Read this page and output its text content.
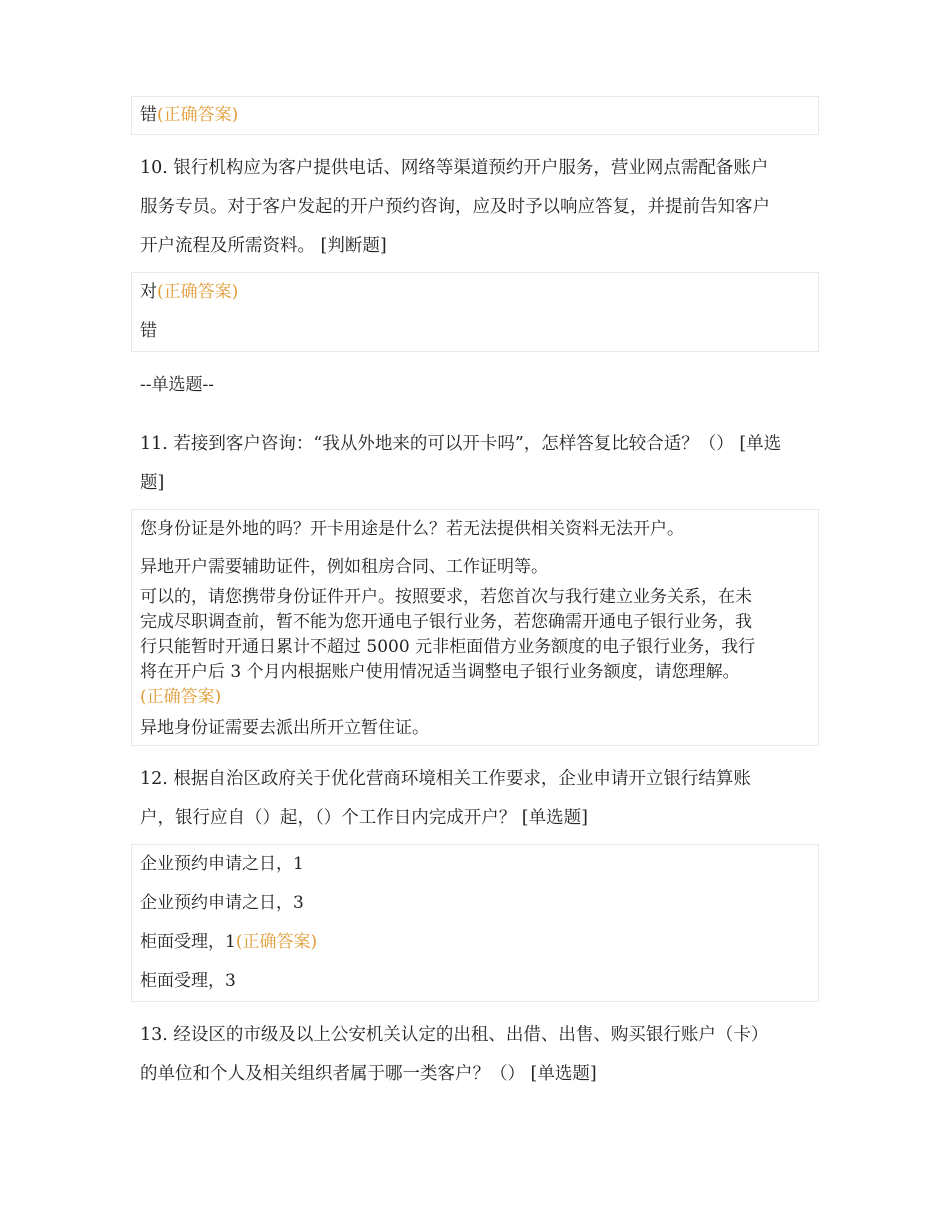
错(正确答案)
10. 银行机构应为客户提供电话、网络等渠道预约开户服务，营业网点需配备账户
服务专员。对于客户发起的开户预约咨询，应及时予以响应答复，并提前告知客户
开户流程及所需资料。 [判断题]
对(正确答案)
错
--单选题--
11. 若接到客户咨询：“我从外地来的可以开卡吗”，怎样答复比较合适？（） [单选
题]
您身份证是外地的吗？开卡用途是什么？若无法提供相关资料无法开户。
异地开户需要辅助证件，例如租房合同、工作证明等。
可以的，请您携带身份证件开户。按照要求，若您首次与我行建立业务关系，在未
完成尽职调查前，暂不能为您开通电子银行业务，若您确需开通电子银行业务，我
行只能暂时开通日累计不超过 5000 元非柜面借方业务额度的电子银行业务，我行
将在开户后 3 个月内根据账户使用情况适当调整电子银行业务额度，请您理解。
(正确答案)
异地身份证需要去派出所开立暂住证。
12. 根据自治区政府关于优化营商环境相关工作要求，企业申请开立银行结算账
户，银行应自（）起，（）个工作日内完成开户？ [单选题]
企业预约申请之日，1
企业预约申请之日，3
柜面受理，1(正确答案)
柜面受理，3
13. 经设区的市级及以上公安机关认定的出租、出借、出售、购买银行账户（卡）
的单位和个人及相关组织者属于哪一类客户？（） [单选题]
